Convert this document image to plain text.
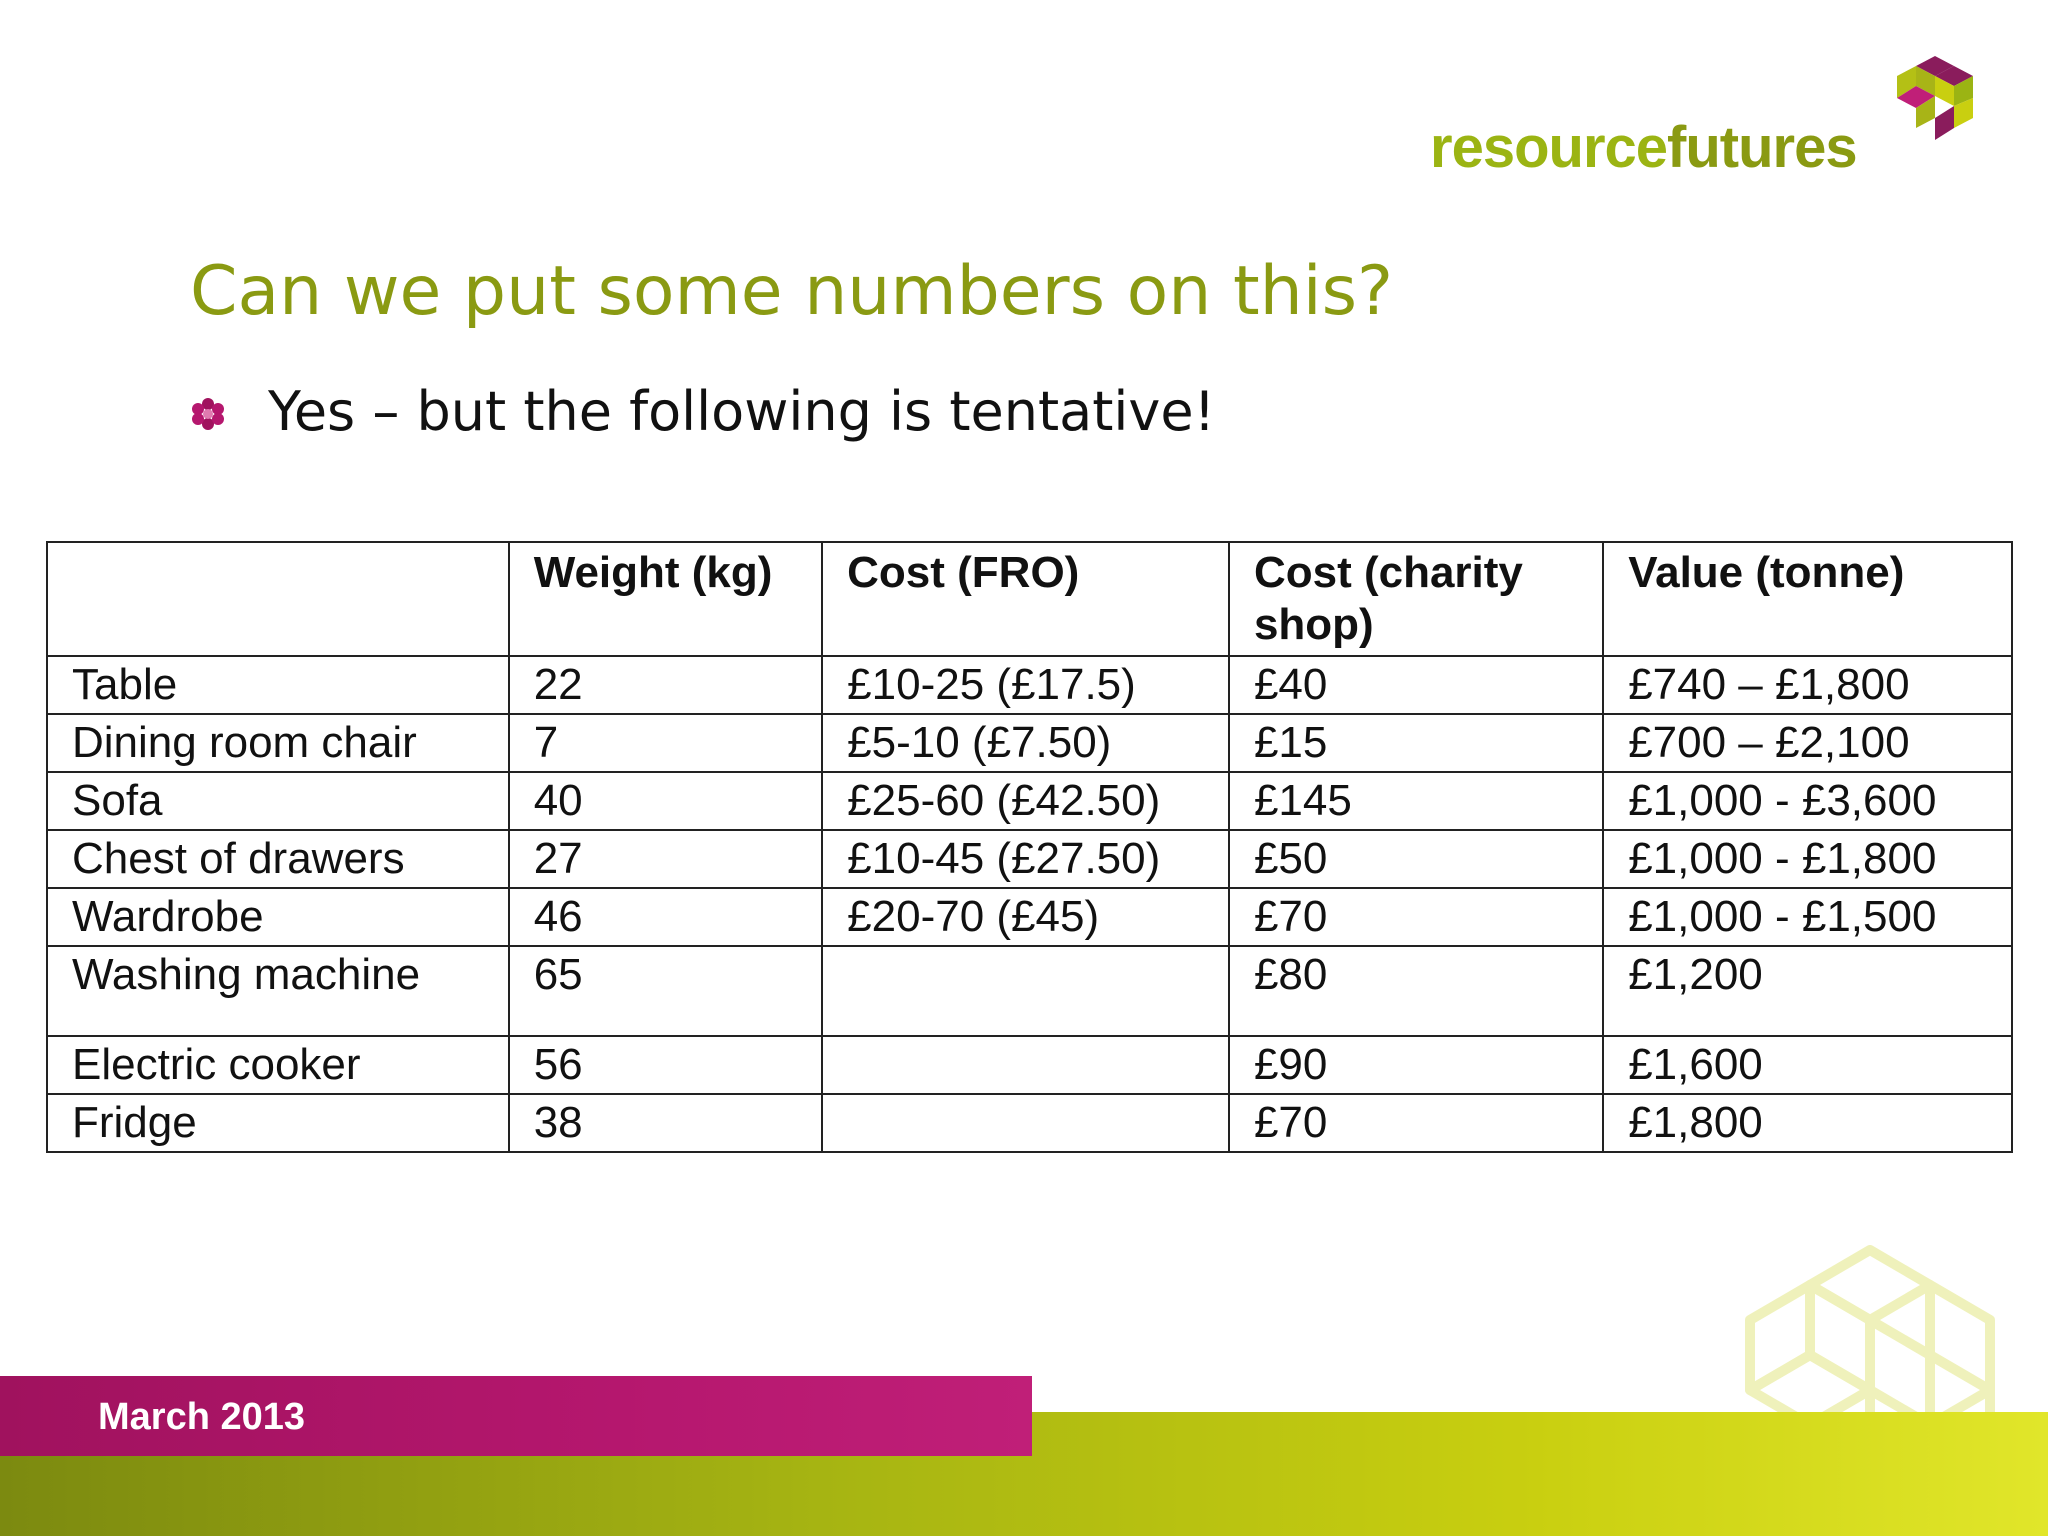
resourcefutures
Can we put some numbers on this?
Yes – but the following is tentative!
	Weight (kg)	Cost (FRO)	Cost (charity shop)	Value (tonne)
Table	22	£10-25 (£17.5)	£40	£740 – £1,800
Dining room chair	7	£5-10 (£7.50)	£15	£700 – £2,100
Sofa	40	£25-60 (£42.50)	£145	£1,000 - £3,600
Chest of drawers	27	£10-45 (£27.50)	£50	£1,000 - £1,800
Wardrobe	46	£20-70 (£45)	£70	£1,000 - £1,500
Washing machine	65		£80	£1,200
Electric cooker	56		£90	£1,600
Fridge	38		£70	£1,800
March 2013
